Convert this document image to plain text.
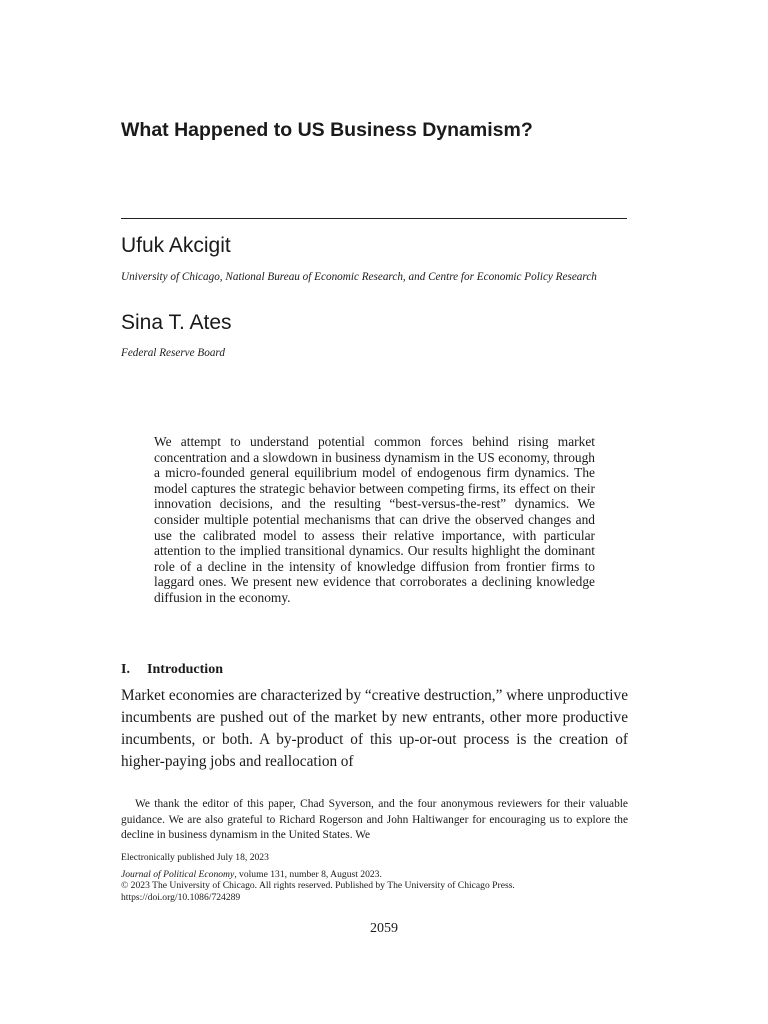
What Happened to US Business Dynamism?
Ufuk Akcigit

University of Chicago, National Bureau of Economic Research, and Centre for Economic Policy Research

Sina T. Ates

Federal Reserve Board

We attempt to understand potential common forces behind rising market concentration and a slowdown in business dynamism in the US economy, through a micro-founded general equilibrium model of endogenous firm dynamics. The model captures the strategic behavior between competing firms, its effect on their innovation decisions, and the resulting “best-versus-the-rest” dynamics. We consider multiple potential mechanisms that can drive the observed changes and use the calibrated model to assess their relative importance, with particular attention to the implied transitional dynamics. Our results highlight the dominant role of a decline in the intensity of knowledge diffusion from frontier firms to laggard ones. We present new evidence that corroborates a declining knowledge diffusion in the economy.

I. Introduction

Market economies are characterized by “creative destruction,” where unproductive incumbents are pushed out of the market by new entrants, other more productive incumbents, or both. A by-product of this up-or-out process is the creation of higher-paying jobs and reallocation of

We thank the editor of this paper, Chad Syverson, and the four anonymous reviewers for their valuable guidance. We are also grateful to Richard Rogerson and John Haltiwanger for encouraging us to explore the decline in business dynamism in the United States. We

Electronically published July 18, 2023
Journal of Political Economy, volume 131, number 8, August 2023.
© 2023 The University of Chicago. All rights reserved. Published by The University of Chicago Press.
https://doi.org/10.1086/724289

2059
